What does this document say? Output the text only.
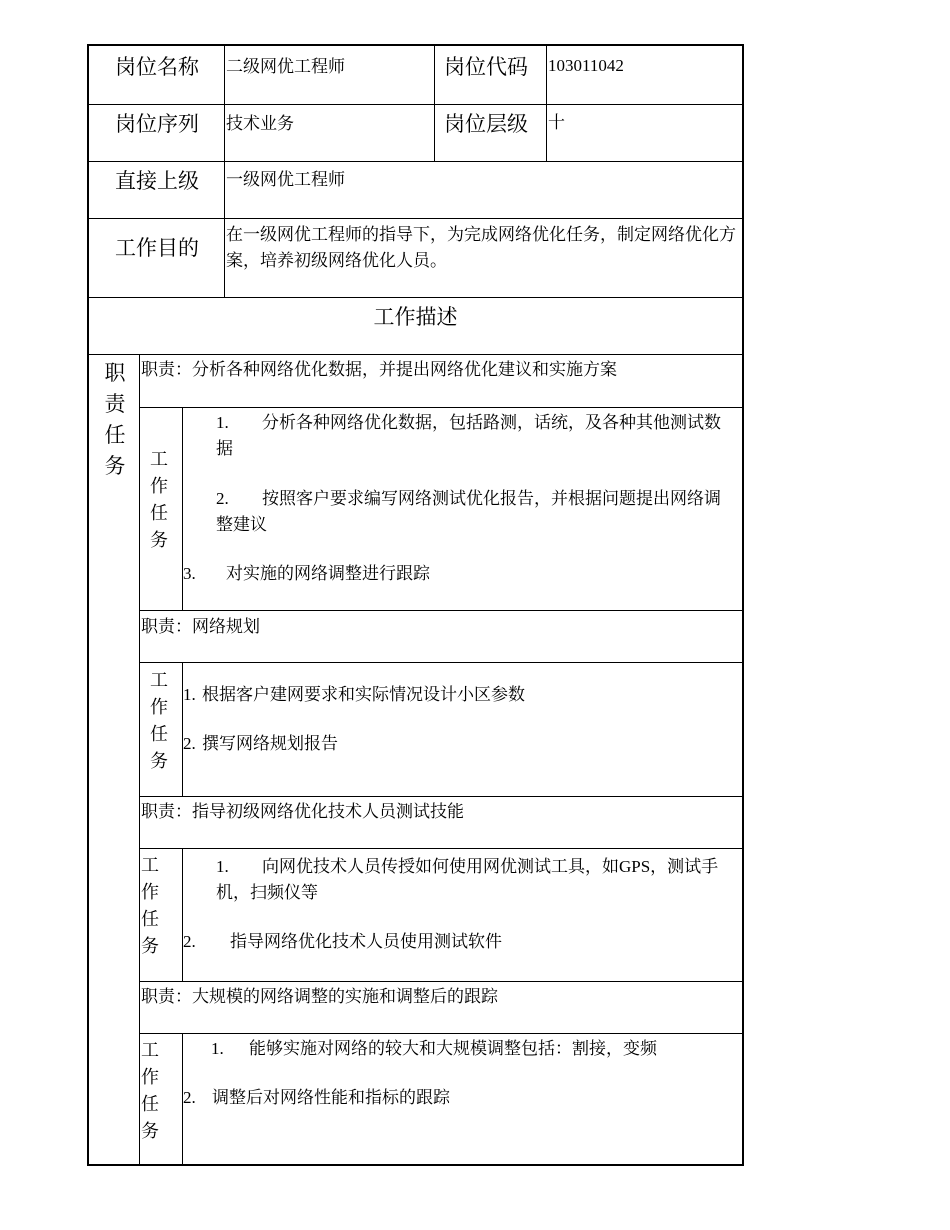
岗位名称 二级网优工程师	岗位代码 103011042
岗位序列 技术业务	岗位层级 十
直接上级 一级网优工程师
工作目的
在一级网优工程师的指导下，为完成网络优化任务，制定网络优化方案，培养初级网络优化人员。
工作描述
职责任务
职责：分析各种网络优化数据，并提出网络优化建议和实施方案
工作任务
1. 分析各种网络优化数据，包括路测，话统，及各种其他测试数据
2. 按照客户要求编写网络测试优化报告，并根据问题提出网络调整建议
3. 对实施的网络调整进行跟踪
职责：网络规划
工作任务
1. 根据客户建网要求和实际情况设计小区参数
2. 撰写网络规划报告
职责：指导初级网络优化技术人员测试技能
工作任务
1. 向网优技术人员传授如何使用网优测试工具，如GPS，测试手机，扫频仪等
2. 指导网络优化技术人员使用测试软件
职责：大规模的网络调整的实施和调整后的跟踪
工作任务
1. 能够实施对网络的较大和大规模调整包括：割接，变频
2. 调整后对网络性能和指标的跟踪
